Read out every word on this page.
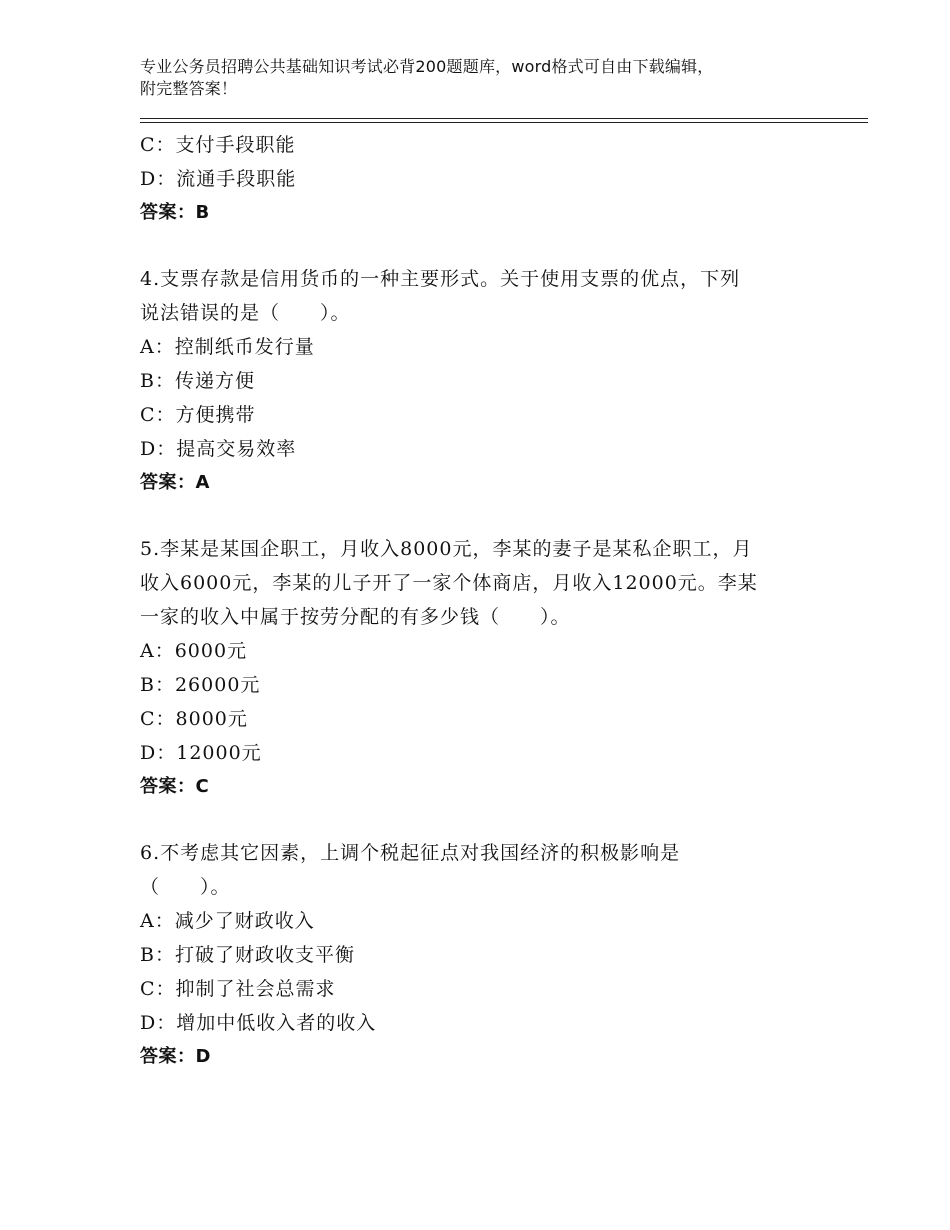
专业公务员招聘公共基础知识考试必背200题题库，word格式可自由下载编辑，
附完整答案！
C：支付手段职能
D：流通手段职能
答案：B
4.支票存款是信用货币的一种主要形式。关于使用支票的优点，下列
说法错误的是（　　）。
A：控制纸币发行量
B：传递方便
C：方便携带
D：提高交易效率
答案：A
5.李某是某国企职工，月收入8000元，李某的妻子是某私企职工，月
收入6000元，李某的儿子开了一家个体商店，月收入12000元。李某
一家的收入中属于按劳分配的有多少钱（　　）。
A：6000元
B：26000元
C：8000元
D：12000元
答案：C
6.不考虑其它因素，上调个税起征点对我国经济的积极影响是
（　　）。
A：减少了财政收入
B：打破了财政收支平衡
C：抑制了社会总需求
D：增加中低收入者的收入
答案：D
